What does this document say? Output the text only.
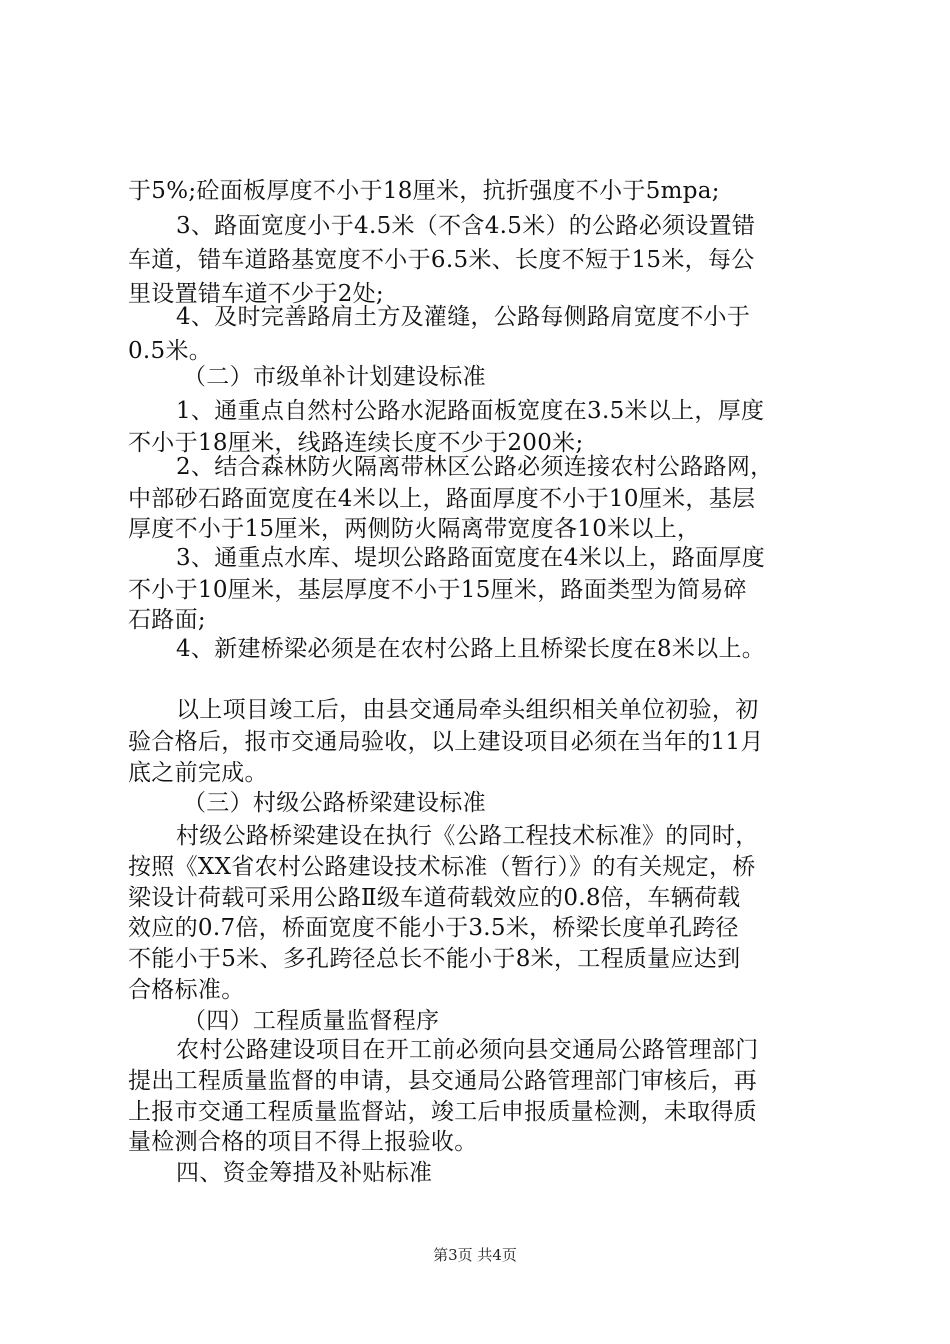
于5%;砼面板厚度不小于18厘米，抗折强度不小于5mpa;
3、路面宽度小于4.5米（不含4.5米）的公路必须设置错
车道，错车道路基宽度不小于6.5米、长度不短于15米，每公
里设置错车道不少于2处;
4、及时完善路肩土方及灌缝，公路每侧路肩宽度不小于
0.5米。
（二）市级单补计划建设标准
1、通重点自然村公路水泥路面板宽度在3.5米以上，厚度
不小于18厘米，线路连续长度不少于200米;
2、结合森林防火隔离带林区公路必须连接农村公路路网，
中部砂石路面宽度在4米以上，路面厚度不小于10厘米，基层
厚度不小于15厘米，两侧防火隔离带宽度各10米以上，
3、通重点水库、堤坝公路路面宽度在4米以上，路面厚度
不小于10厘米，基层厚度不小于15厘米，路面类型为简易碎
石路面;
4、新建桥梁必须是在农村公路上且桥梁长度在8米以上。
以上项目竣工后，由县交通局牵头组织相关单位初验，初
验合格后，报市交通局验收，以上建设项目必须在当年的11月
底之前完成。
（三）村级公路桥梁建设标准
村级公路桥梁建设在执行《公路工程技术标准》的同时，
按照《XX省农村公路建设技术标准（暂行）》的有关规定，桥
梁设计荷载可采用公路Ⅱ级车道荷载效应的0.8倍，车辆荷载
效应的0.7倍，桥面宽度不能小于3.5米，桥梁长度单孔跨径
不能小于5米、多孔跨径总长不能小于8米，工程质量应达到
合格标准。
（四）工程质量监督程序
农村公路建设项目在开工前必须向县交通局公路管理部门
提出工程质量监督的申请，县交通局公路管理部门审核后，再
上报市交通工程质量监督站，竣工后申报质量检测，未取得质
量检测合格的项目不得上报验收。
四、资金筹措及补贴标准
第3页 共4页
